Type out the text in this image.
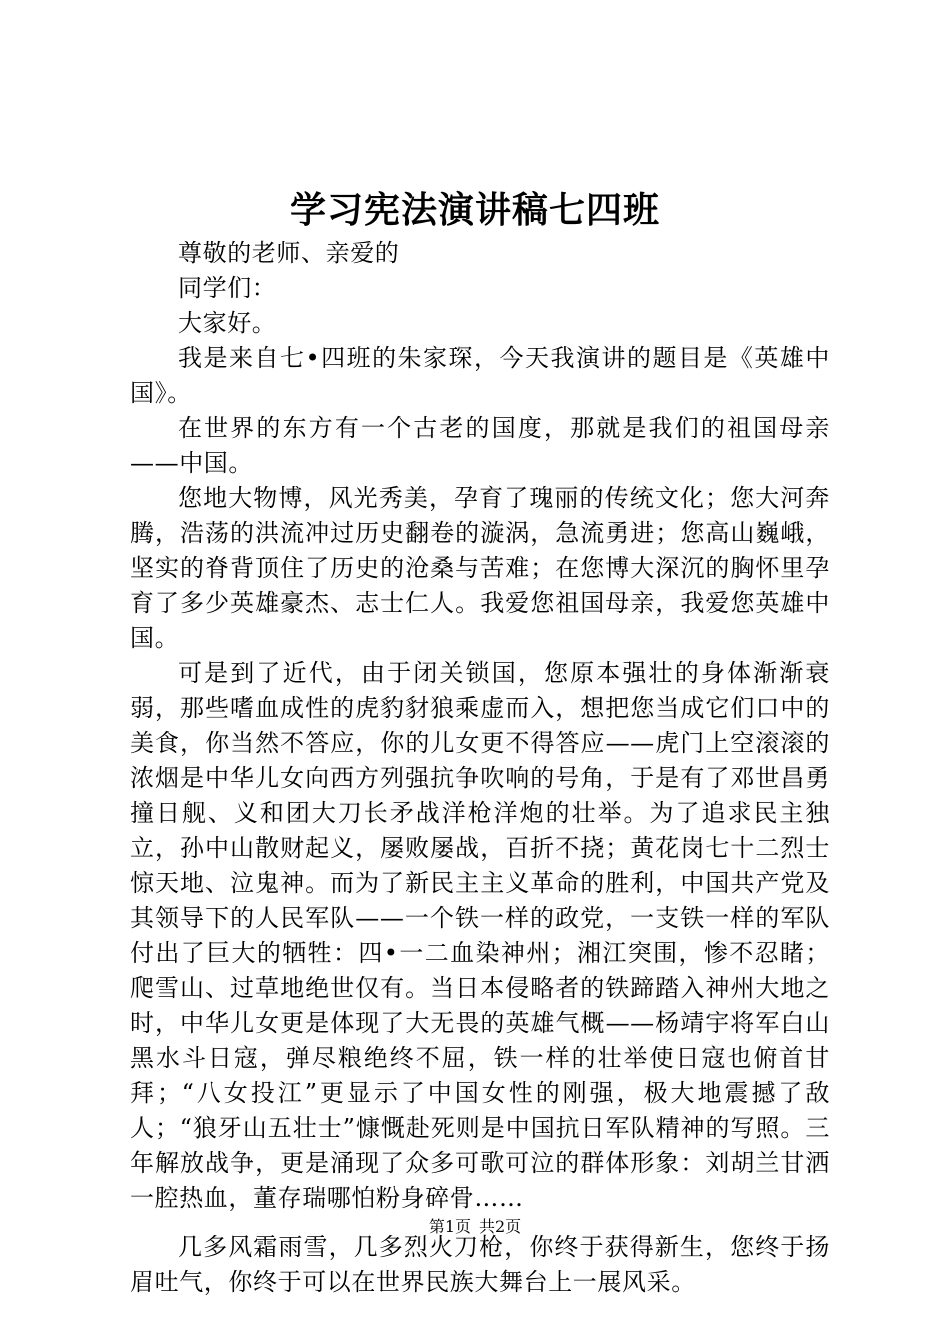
学习宪法演讲稿七四班

尊敬的老师、亲爱的

同学们：

大家好。

我是来自七•四班的朱家琛，今天我演讲的题目是《英雄中国》。

在世界的东方有一个古老的国度，那就是我们的祖国母亲——中国。

您地大物博，风光秀美，孕育了瑰丽的传统文化；您大河奔腾，浩荡的洪流冲过历史翻卷的漩涡，急流勇进；您高山巍峨，坚实的脊背顶住了历史的沧桑与苦难；在您博大深沉的胸怀里孕育了多少英雄豪杰、志士仁人。我爱您祖国母亲，我爱您英雄中国。

可是到了近代，由于闭关锁国，您原本强壮的身体渐渐衰弱，那些嗜血成性的虎豹豺狼乘虚而入，想把您当成它们口中的美食，你当然不答应，你的儿女更不得答应——虎门上空滚滚的浓烟是中华儿女向西方列强抗争吹响的号角，于是有了邓世昌勇撞日舰、义和团大刀长矛战洋枪洋炮的壮举。为了追求民主独立，孙中山散财起义，屡败屡战，百折不挠；黄花岗七十二烈士惊天地、泣鬼神。而为了新民主主义革命的胜利，中国共产党及其领导下的人民军队——一个铁一样的政党，一支铁一样的军队付出了巨大的牺牲：四•一二血染神州；湘江突围，惨不忍睹；爬雪山、过草地绝世仅有。当日本侵略者的铁蹄踏入神州大地之时，中华儿女更是体现了大无畏的英雄气概——杨靖宇将军白山黑水斗日寇，弹尽粮绝终不屈，铁一样的壮举使日寇也俯首甘拜；“八女投江”更显示了中国女性的刚强，极大地震撼了敌人；“狼牙山五壮士”慷慨赴死则是中国抗日军队精神的写照。三年解放战争，更是涌现了众多可歌可泣的群体形象：刘胡兰甘洒一腔热血，董存瑞哪怕粉身碎骨……

几多风霜雨雪，几多烈火刀枪，你终于获得新生，您终于扬眉吐气，你终于可以在世界民族大舞台上一展风采。

第1页 共2页
